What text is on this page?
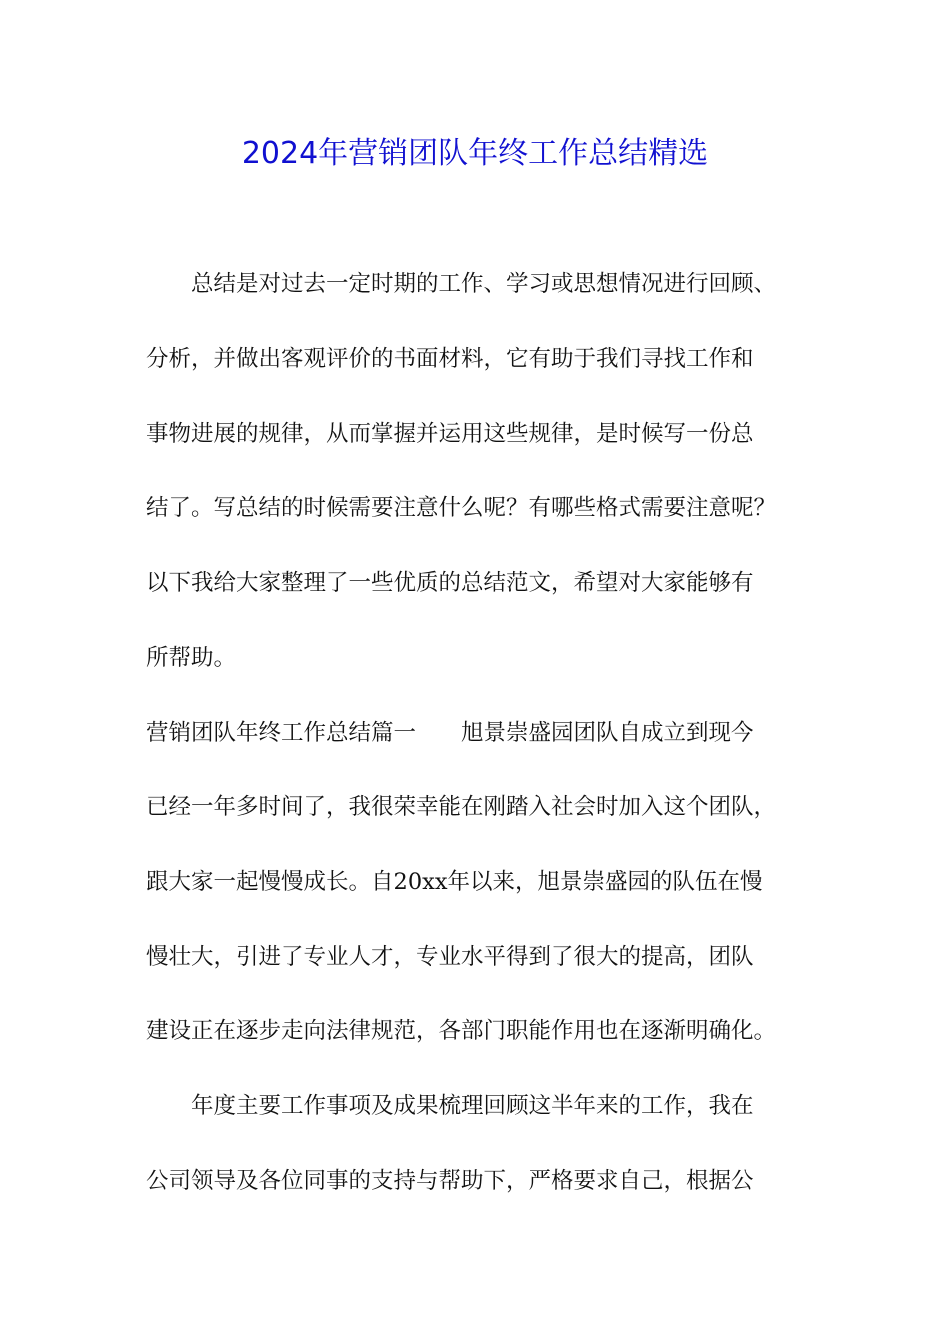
2024年营销团队年终工作总结精选
　　总结是对过去一定时期的工作、学习或思想情况进行回顾、
分析，并做出客观评价的书面材料，它有助于我们寻找工作和
事物进展的规律，从而掌握并运用这些规律，是时候写一份总
结了。写总结的时候需要注意什么呢？有哪些格式需要注意呢？
以下我给大家整理了一些优质的总结范文，希望对大家能够有
所帮助。
营销团队年终工作总结篇一　　旭景崇盛园团队自成立到现今
已经一年多时间了，我很荣幸能在刚踏入社会时加入这个团队，
跟大家一起慢慢成长。自20xx年以来，旭景崇盛园的队伍在慢
慢壮大，引进了专业人才，专业水平得到了很大的提高，团队
建设正在逐步走向法律规范，各部门职能作用也在逐渐明确化。
　　年度主要工作事项及成果梳理回顾这半年来的工作，我在
公司领导及各位同事的支持与帮助下，严格要求自己，根据公
